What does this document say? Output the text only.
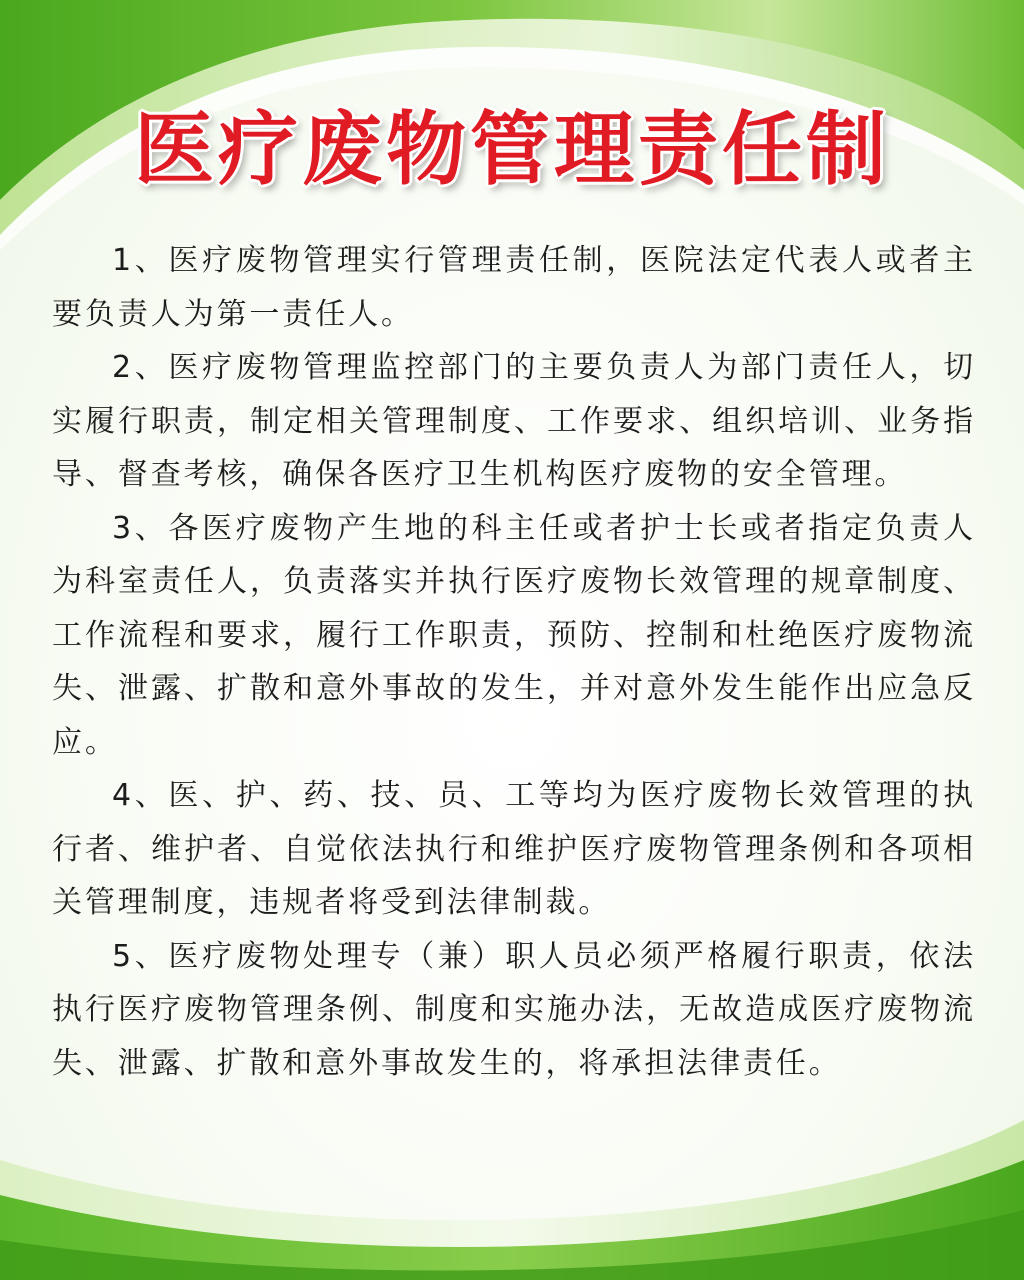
医疗废物管理责任制

1、医疗废物管理实行管理责任制，医院法定代表人或者主要负责人为第一责任人。

2、医疗废物管理监控部门的主要负责人为部门责任人，切实履行职责，制定相关管理制度、工作要求、组织培训、业务指导、督查考核，确保各医疗卫生机构医疗废物的安全管理。

3、各医疗废物产生地的科主任或者护士长或者指定负责人为科室责任人，负责落实并执行医疗废物长效管理的规章制度、工作流程和要求，履行工作职责，预防、控制和杜绝医疗废物流失、泄露、扩散和意外事故的发生，并对意外发生能作出应急反应。

4、医、护、药、技、员、工等均为医疗废物长效管理的执行者、维护者、自觉依法执行和维护医疗废物管理条例和各项相关管理制度，违规者将受到法律制裁。

5、医疗废物处理专（兼）职人员必须严格履行职责，依法执行医疗废物管理条例、制度和实施办法，无故造成医疗废物流失、泄露、扩散和意外事故发生的，将承担法律责任。
